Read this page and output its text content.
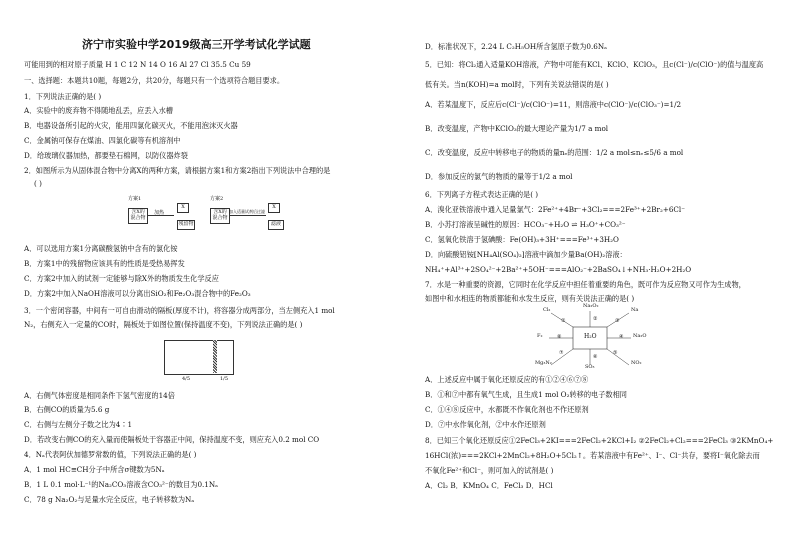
济宁市实验中学2019级高三开学考试化学试题
可能用到的相对原子质量 H 1 C 12 N 14 O 16 Al 27 Cl 35.5 Cu 59
一、选择题：本题共10题，每题2分，共20分，每题只有一个选项符合题目要求。
1．下列说法正确的是( )
A．实验中的废弃物不得随地乱丢，应丢入水槽
B．电器设备所引起的火灾，能用四氯化碳灭火，不能用泡沫灭火器
C．金属钠可保存在煤油、四氯化碳等有机溶剂中
D．给玻璃仪器加热，都要垫石棉网，以防仪器炸裂
2．如图所示为从固体混合物中分离X的两种方案，请根据方案1和方案2指出下列说法中合理的是
( )
方案1
含X的混合物
加热
X
残留物
方案2
含X的混合物
加入适量试剂后过滤
X
滤液
A．可以选用方案1分离碳酸氢钠中含有的氯化铵
B．方案1中的残留物应该具有的性质是受热易挥发
C．方案2中加入的试剂一定能够与除X外的物质发生化学反应
D．方案2中加入NaOH溶液可以分离出SiO₂和Fe₂O₃混合物中的Fe₂O₃
3．一个密闭容器，中间有一可自由滑动的隔板(厚度不计)，将容器分成两部分，当左侧充入1 mol
N₂，右侧充入一定量的CO时，隔板处于如图位置(保持温度不变)，下列说法正确的是( )
4/5	1/5
A．右侧气体密度是相同条件下氢气密度的14倍
B．右侧CO的质量为5.6 g
C．右侧与左侧分子数之比为4∶1
D．若改变右侧CO的充入量而使隔板处于容器正中间，保持温度不变，则应充入0.2 mol CO
4．Nₐ代表阿伏加德罗常数的值，下列说法正确的是( )
A．1 mol HC≡CH分子中所含σ键数为5Nₐ
B．1 L 0.1 mol·L⁻¹的Na₂CO₃溶液含CO₃²⁻的数目为0.1Nₐ
C．78 g Na₂O₂与足量水完全反应，电子转移数为Nₐ
D．标准状况下，2.24 L C₂H₅OH所含氢原子数为0.6Nₐ
5．已知：将Cl₂通入适量KOH溶液，产物中可能有KCl、KClO、KClO₃，且c(Cl⁻)/c(ClO⁻)的值与温度高
低有关。当n(KOH)=a mol时，下列有关说法错误的是( )
A．若某温度下，反应后c(Cl⁻)/c(ClO⁻)=11，则溶液中c(ClO⁻)/c(ClO₃⁻)=1/2
B．改变温度，产物中KClO₃的最大理论产量为1/7 a mol
C．改变温度，反应中转移电子的物质的量nₑ的范围：1/2 a mol≤nₑ≤5/6 a mol
D．参加反应的氯气的物质的量等于1/2 a mol
6．下列离子方程式表达正确的是( )
A．溴化亚铁溶液中通入足量氯气：2Fe²⁺+4Br⁻+3Cl₂===2Fe³⁺+2Br₂+6Cl⁻
B．小苏打溶液呈碱性的原因：HCO₃⁻+H₂O ⇌ H₃O⁺+CO₃²⁻
C．氢氧化铁溶于氢碘酸：Fe(OH)₃+3H⁺===Fe³⁺+3H₂O
D．向硫酸铝铵[NH₄Al(SO₄)₂]溶液中滴加少量Ba(OH)₂溶液：
NH₄⁺+Al³⁺+2SO₄²⁻+2Ba²⁺+5OH⁻===AlO₂⁻+2BaSO₄↓+NH₃·H₂O+2H₂O
7．水是一种重要的资源，它同时在化学反应中担任着重要的角色，既可作为反应物又可作为生成物，
如图中和水相连的物质都能和水发生反应，则有关说法正确的是( )
H₂O
Cl₂
Na₂O₂
Na
Na₂O
F₂
NO₂
SO₃
Mg₃N₂
①	②	③
④
⑤
⑥
⑦
⑧
A．上述反应中属于氧化还原反应的有①②④⑥⑦⑧
B．①和⑦中都有氧气生成，且生成1 mol O₂转移的电子数相同
C．①④⑧反应中，水都既不作氧化剂也不作还原剂
D．⑦中水作氧化剂，②中水作还原剂
8．已知三个氧化还原反应①2FeCl₃+2KI===2FeCl₂+2KCl+I₂ ②2FeCl₂+Cl₂===2FeCl₃ ③2KMnO₄+
16HCl(浓)===2KCl+2MnCl₂+8H₂O+5Cl₂↑。若某溶液中有Fe²⁺、I⁻、Cl⁻共存，要将I⁻氧化除去而
不氧化Fe²⁺和Cl⁻，则可加入的试剂是( )
A．Cl₂ B．KMnO₄ C．FeCl₃ D．HCl
